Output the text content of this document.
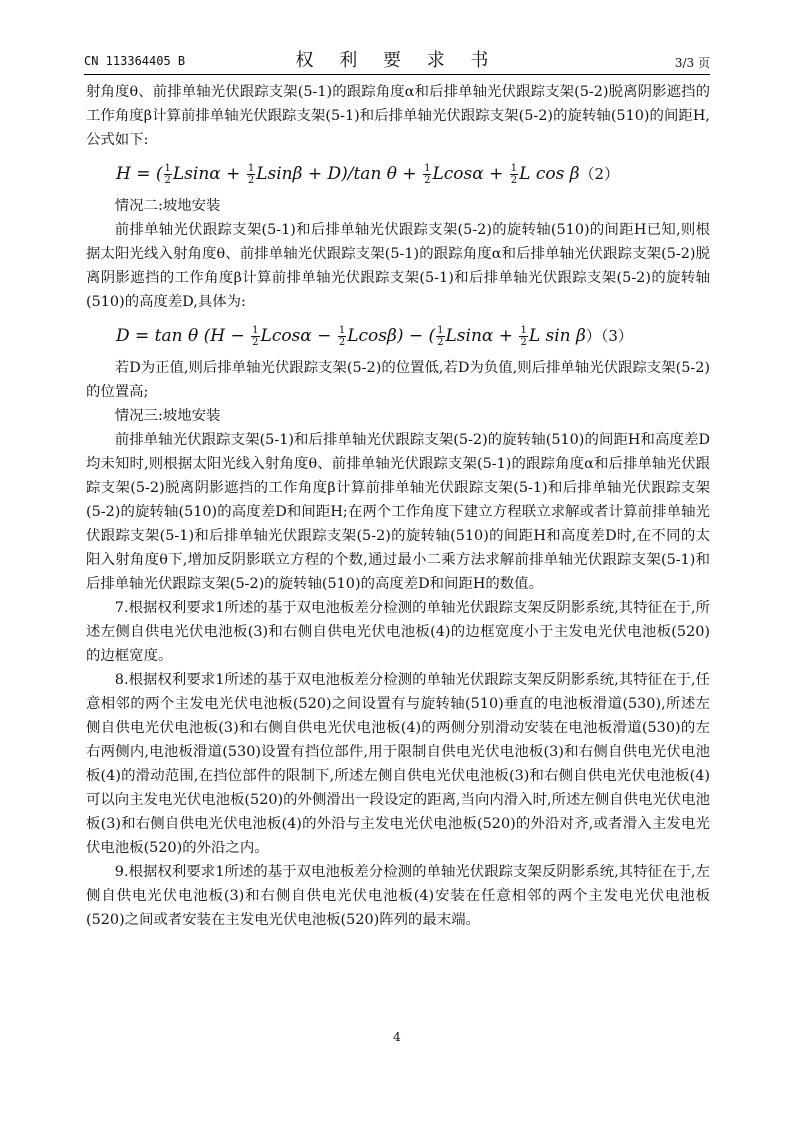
CN 113364405 B	权 利 要 求 书	3/3 页

射角度θ、前排单轴光伏跟踪支架(5-1)的跟踪角度α和后排单轴光伏跟踪支架(5-2)脱离阴影遮挡的工作角度β计算前排单轴光伏跟踪支架(5-1)和后排单轴光伏跟踪支架(5-2)的旋转轴(510)的间距H,公式如下:

H = ( $\frac{1}{2}$ $Lsin\alpha + \frac{1}{2}$ Lsinβ + D)/tan $\theta + \frac{1}{2}$ $Lcos\alpha + \frac{1}{2}$ L cos β（2）

情况二:坡地安装

前排单轴光伏跟踪支架(5-1)和后排单轴光伏跟踪支架(5-2)的旋转轴(510)的间距H已知,则根据太阳光线入射角度θ、前排单轴光伏跟踪支架(5-1)的跟踪角度α和后排单轴光伏跟踪支架(5-2)脱离阴影遮挡的工作角度β计算前排单轴光伏跟踪支架(5-1)和后排单轴光伏跟踪支架(5-2)的旋转轴(510)的高度差D,具体为:

D = tan θ ($H - \frac{1}{2}$ $Lcos\alpha - \frac{1}{2} Lcos\beta$) − ( $\frac{1}{2}$ $Lsin\alpha + \frac{1}{2}$ L sin β）（3）

若D为正值,则后排单轴光伏跟踪支架(5-2)的位置低,若D为负值,则后排单轴光伏跟踪支架(5-2)的位置高;

情况三:坡地安装

前排单轴光伏跟踪支架(5-1)和后排单轴光伏跟踪支架(5-2)的旋转轴(510)的间距H和高度差D均未知时,则根据太阳光线入射角度θ、前排单轴光伏跟踪支架(5-1)的跟踪角度α和后排单轴光伏跟踪支架(5-2)脱离阴影遮挡的工作角度β计算前排单轴光伏跟踪支架(5-1)和后排单轴光伏跟踪支架(5-2)的旋转轴(510)的高度差D和间距H;在两个工作角度下建立方程联立求解或者计算前排单轴光伏跟踪支架(5-1)和后排单轴光伏跟踪支架(5-2)的旋转轴(510)的间距H和高度差D时,在不同的太阳入射角度θ下,增加反阴影联立方程的个数,通过最小二乘方法求解前排单轴光伏跟踪支架(5-1)和后排单轴光伏跟踪支架(5-2)的旋转轴(510)的高度差D和间距H的数值。

7.根据权利要求1所述的基于双电池板差分检测的单轴光伏跟踪支架反阴影系统,其特征在于,所述左侧自供电光伏电池板(3)和右侧自供电光伏电池板(4)的边框宽度小于主发电光伏电池板(520)的边框宽度。

8.根据权利要求1所述的基于双电池板差分检测的单轴光伏跟踪支架反阴影系统,其特征在于,任意相邻的两个主发电光伏电池板(520)之间设置有与旋转轴(510)垂直的电池板滑道(530),所述左侧自供电光伏电池板(3)和右侧自供电光伏电池板(4)的两侧分别滑动安装在电池板滑道(530)的左右两侧内,电池板滑道(530)设置有挡位部件,用于限制自供电光伏电池板(3)和右侧自供电光伏电池板(4)的滑动范围,在挡位部件的限制下,所述左侧自供电光伏电池板(3)和右侧自供电光伏电池板(4)可以向主发电光伏电池板(520)的外侧滑出一段设定的距离,当向内滑入时,所述左侧自供电光伏电池板(3)和右侧自供电光伏电池板(4)的外沿与主发电光伏电池板(520)的外沿对齐,或者滑入主发电光伏电池板(520)的外沿之内。

9.根据权利要求1所述的基于双电池板差分检测的单轴光伏跟踪支架反阴影系统,其特征在于,左侧自供电光伏电池板(3)和右侧自供电光伏电池板(4)安装在任意相邻的两个主发电光伏电池板(520)之间或者安装在主发电光伏电池板(520)阵列的最末端。

4
